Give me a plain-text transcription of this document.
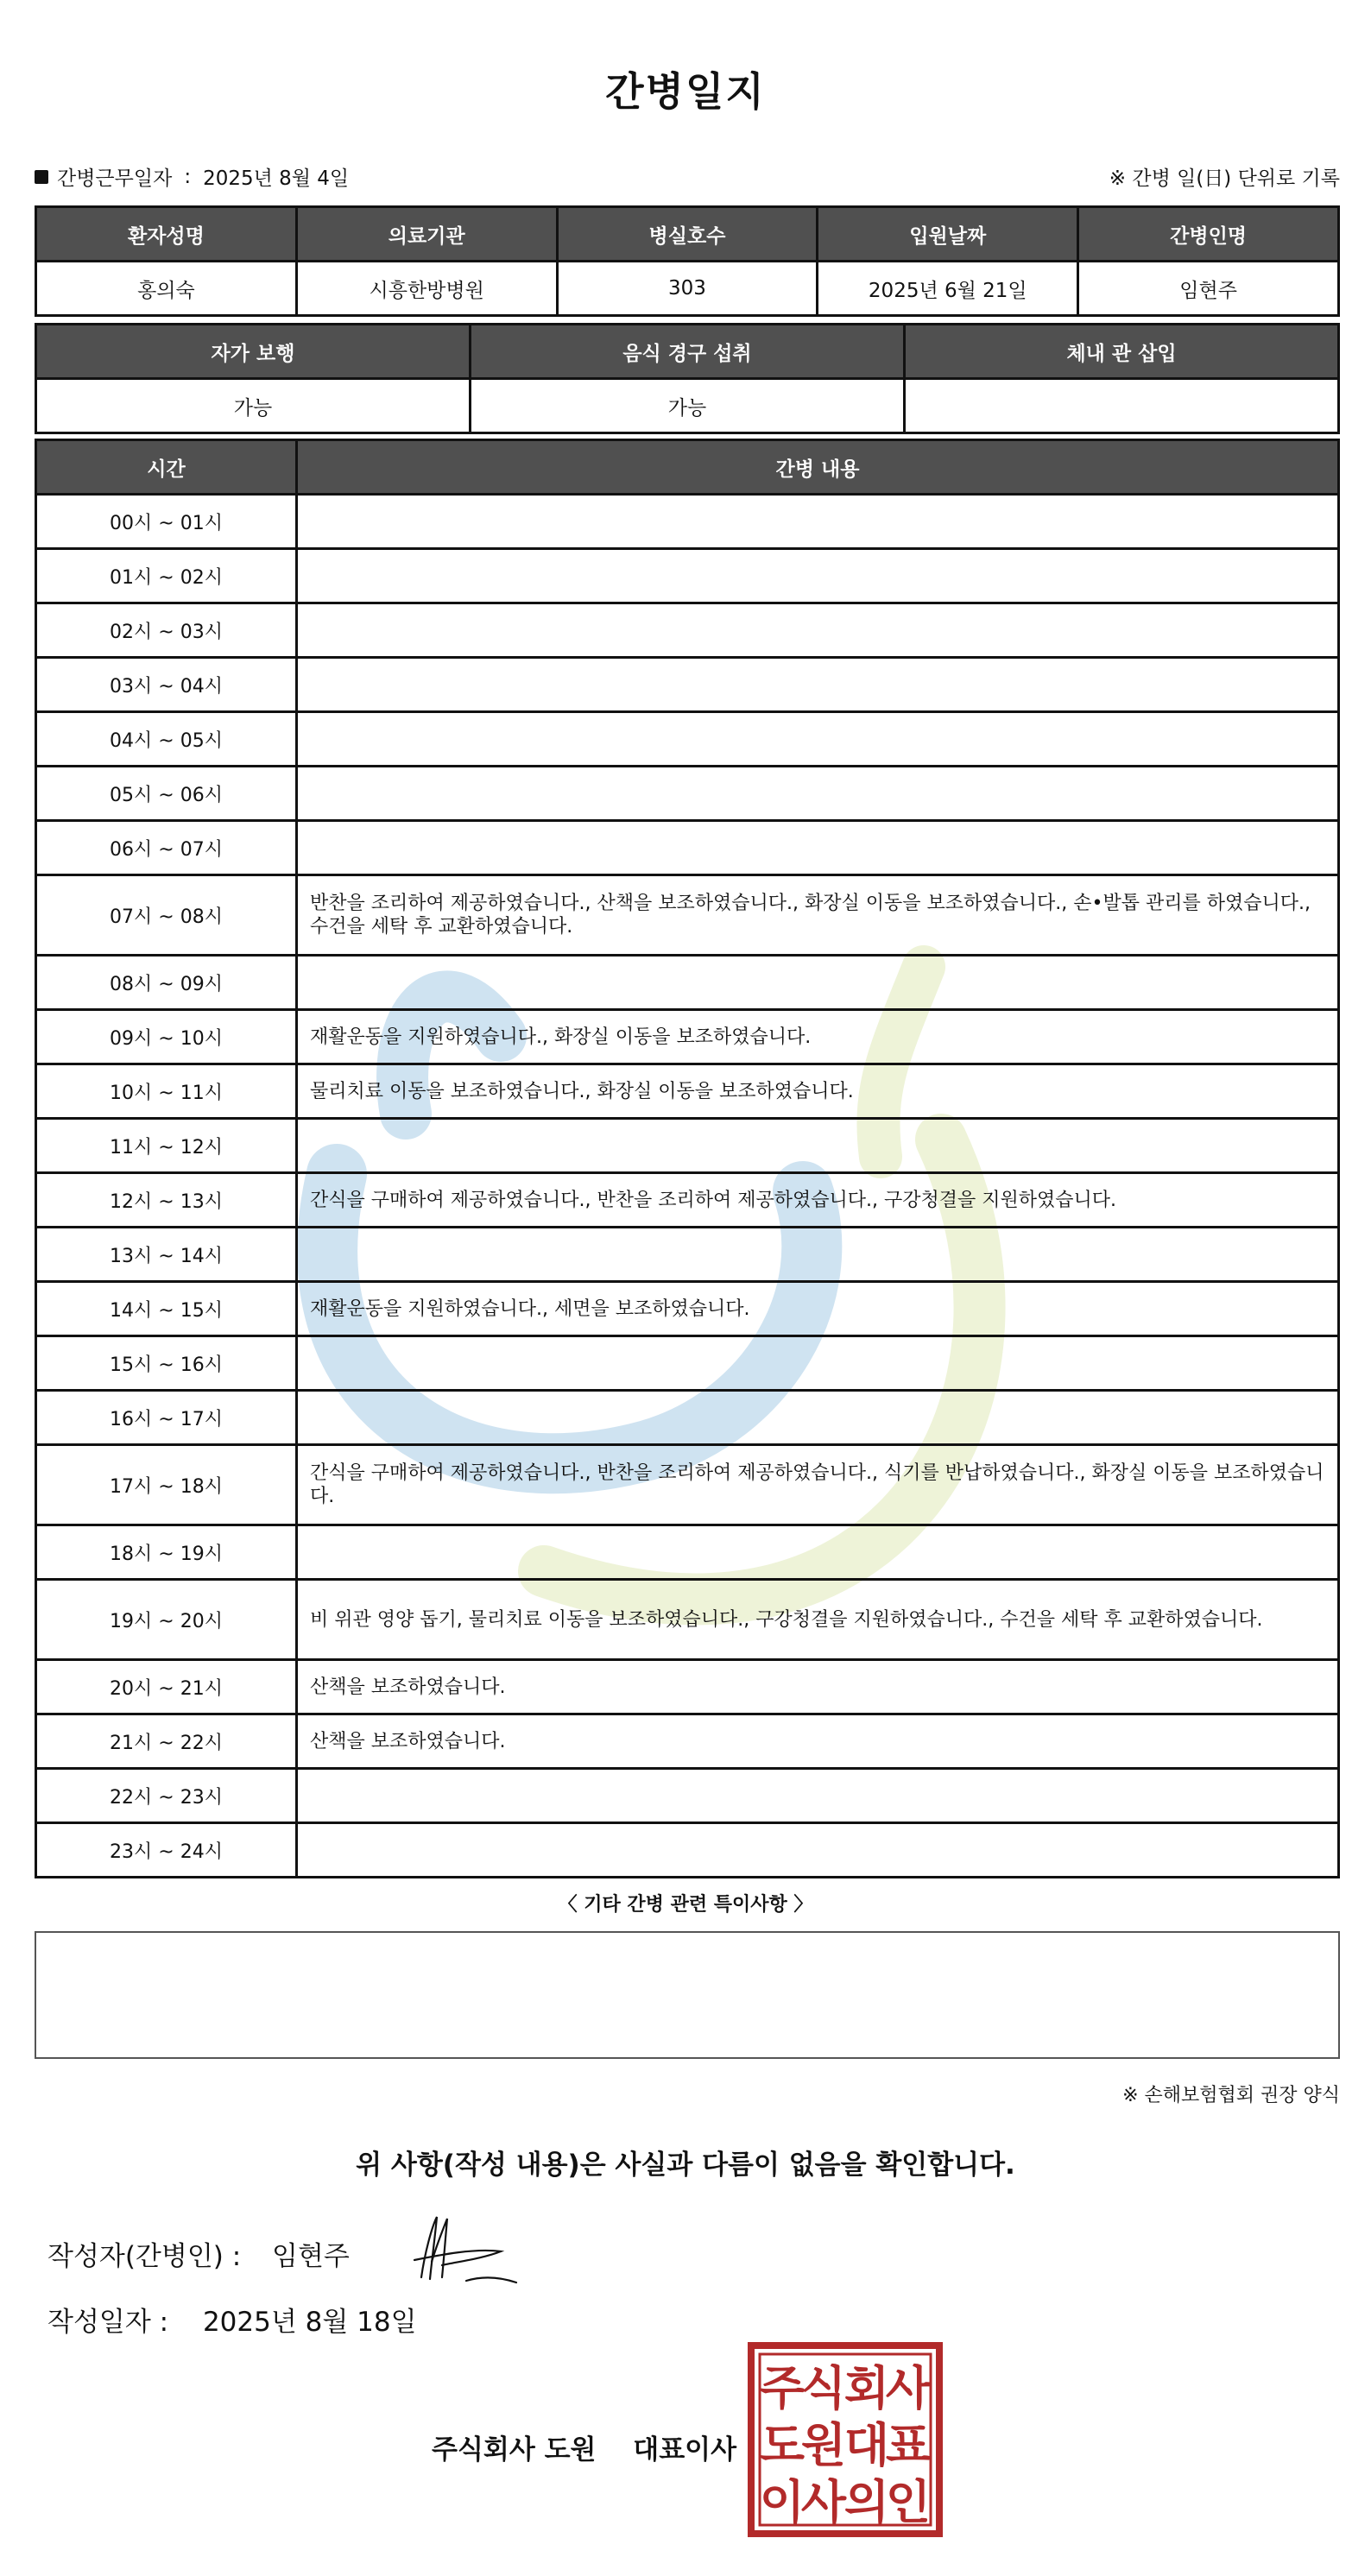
간병일지
간병근무일자 : 2025년 8월 4일	※ 간병 일(日) 단위로 기록
환자성명	의료기관	병실호수	입원날짜	간병인명
홍의숙	시흥한방병원	303	2025년 6월 21일	임현주
자가 보행	음식 경구 섭취	체내 관 삽입
가능	가능	
시간	간병 내용
00시 ~ 01시	
01시 ~ 02시	
02시 ~ 03시	
03시 ~ 04시	
04시 ~ 05시	
05시 ~ 06시	
06시 ~ 07시	
07시 ~ 08시	반찬을 조리하여 제공하였습니다., 산책을 보조하였습니다., 화장실 이동을 보조하였습니다., 손•발톱 관리를 하였습니다., 수건을 세탁 후 교환하였습니다.
08시 ~ 09시	
09시 ~ 10시	재활운동을 지원하였습니다., 화장실 이동을 보조하였습니다.
10시 ~ 11시	물리치료 이동을 보조하였습니다., 화장실 이동을 보조하였습니다.
11시 ~ 12시	
12시 ~ 13시	간식을 구매하여 제공하였습니다., 반찬을 조리하여 제공하였습니다., 구강청결을 지원하였습니다.
13시 ~ 14시	
14시 ~ 15시	재활운동을 지원하였습니다., 세면을 보조하였습니다.
15시 ~ 16시	
16시 ~ 17시	
17시 ~ 18시	간식을 구매하여 제공하였습니다., 반찬을 조리하여 제공하였습니다., 식기를 반납하였습니다., 화장실 이동을 보조하였습니다.
18시 ~ 19시	
19시 ~ 20시	비 위관 영양 돕기, 물리치료 이동을 보조하였습니다., 구강청결을 지원하였습니다., 수건을 세탁 후 교환하였습니다.
20시 ~ 21시	산책을 보조하였습니다.
21시 ~ 22시	산책을 보조하였습니다.
22시 ~ 23시	
23시 ~ 24시	
〈 기타 간병 관련 특이사항 〉
※ 손해보험협회 권장 양식
위 사항(작성 내용)은 사실과 다름이 없음을 확인합니다.
작성자(간병인) : 임현주
작성일자 : 2025년 8월 18일
주식회사 도원 대표이사
주
식
회
사
도
원
대
표
이
사
의
인
